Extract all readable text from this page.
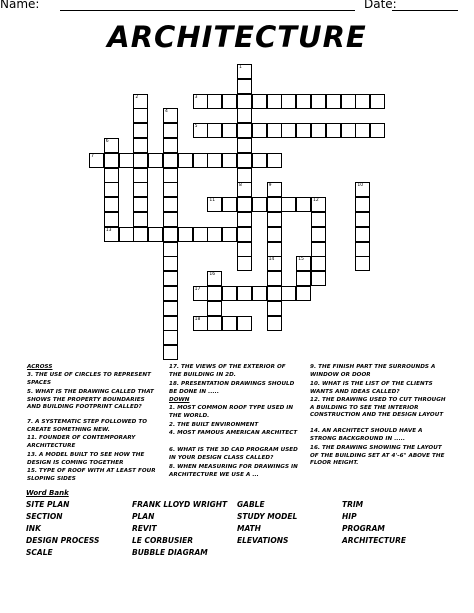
Name:	Date:
ARCHITECTURE
3
5
7
11	12
13
17
18
1
8
2
4
6
9
14
10
15
16
ACROSS
3. THE USE OF CIRCLES TO REPRESENT SPACES
5. WHAT IS THE DRAWING CALLED THAT SHOWS THE PROPERTY BOUNDARIES AND BUILDING FOOTPRINT CALLED?
7. A SYSTEMATIC STEP FOLLOWED TO CREATE SOMETHING NEW.
11. FOUNDER OF CONTEMPORARY ARCHITECTURE
13. A MODEL BUILT TO SEE HOW THE DESIGN IS COMING TOGETHER
15. TYPE OF ROOF WITH AT LEAST FOUR SLOPING SIDES
17. THE VIEWS OF THE EXTERIOR OF THE BUILDING IN 2D.
18. PRESENTATION DRAWINGS SHOULD BE DONE IN .....
DOWN
1. MOST COMMON ROOF TYPE USED IN THE WORLD.
2. THE BUILT ENVIRONMENT
4. MOST FAMOUS AMERICAN ARCHITECT
6. WHAT IS THE 3D CAD PROGRAM USED IN YOUR DESIGN CLASS CALLED?
8. WHEN MEASURING FOR DRAWINGS IN ARCHITECTURE WE USE A ...
9. THE FINISH PART THE SURROUNDS A WINDOW OR DOOR
10. WHAT IS THE LIST OF THE CLIENTS WANTS AND IDEAS CALLED?
12. THE DRAWING USED TO CUT THROUGH A BUILDING TO SEE THE INTERIOR CONSTRUCTION AND THE DESIGN LAYOUT
14. AN ARCHITECT SHOULD HAVE A STRONG BACKGROUND IN .....
16. THE DRAWING SHOWING THE LAYOUT OF THE BUILDING SET AT 4'-6" ABOVE THE FLOOR HEIGHT.
Word Bank
SITE PLAN
SECTION
INK
DESIGN PROCESS
SCALE
FRANK LLOYD WRIGHT
PLAN
REVIT
LE CORBUSIER
BUBBLE DIAGRAM
GABLE
STUDY MODEL
MATH
ELEVATIONS
TRIM
HIP
PROGRAM
ARCHITECTURE
